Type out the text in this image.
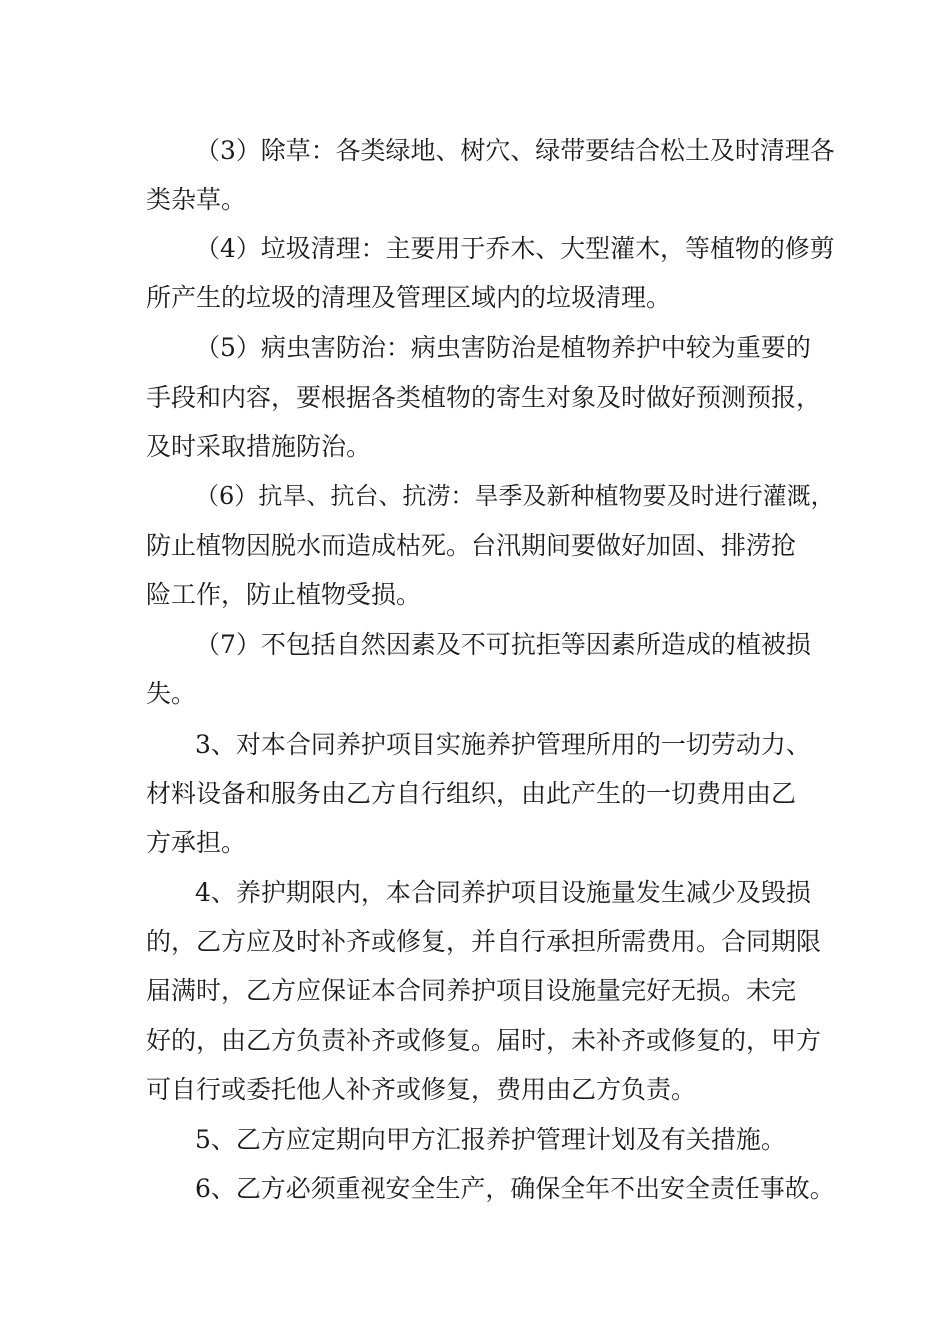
（3）除草：各类绿地、树穴、绿带要结合松土及时清理各
类杂草。
（4）垃圾清理：主要用于乔木、大型灌木，等植物的修剪
所产生的垃圾的清理及管理区域内的垃圾清理。
（5）病虫害防治：病虫害防治是植物养护中较为重要的
手段和内容，要根据各类植物的寄生对象及时做好预测预报，
及时采取措施防治。
（6）抗旱、抗台、抗涝：旱季及新种植物要及时进行灌溉，
防止植物因脱水而造成枯死。台汛期间要做好加固、排涝抢
险工作，防止植物受损。
（7）不包括自然因素及不可抗拒等因素所造成的植被损
失。
3、对本合同养护项目实施养护管理所用的一切劳动力、
材料设备和服务由乙方自行组织，由此产生的一切费用由乙
方承担。
4、养护期限内，本合同养护项目设施量发生减少及毁损
的，乙方应及时补齐或修复，并自行承担所需费用。合同期限
届满时，乙方应保证本合同养护项目设施量完好无损。未完
好的，由乙方负责补齐或修复。届时，未补齐或修复的，甲方
可自行或委托他人补齐或修复，费用由乙方负责。
5、乙方应定期向甲方汇报养护管理计划及有关措施。
6、乙方必须重视安全生产，确保全年不出安全责任事故。
